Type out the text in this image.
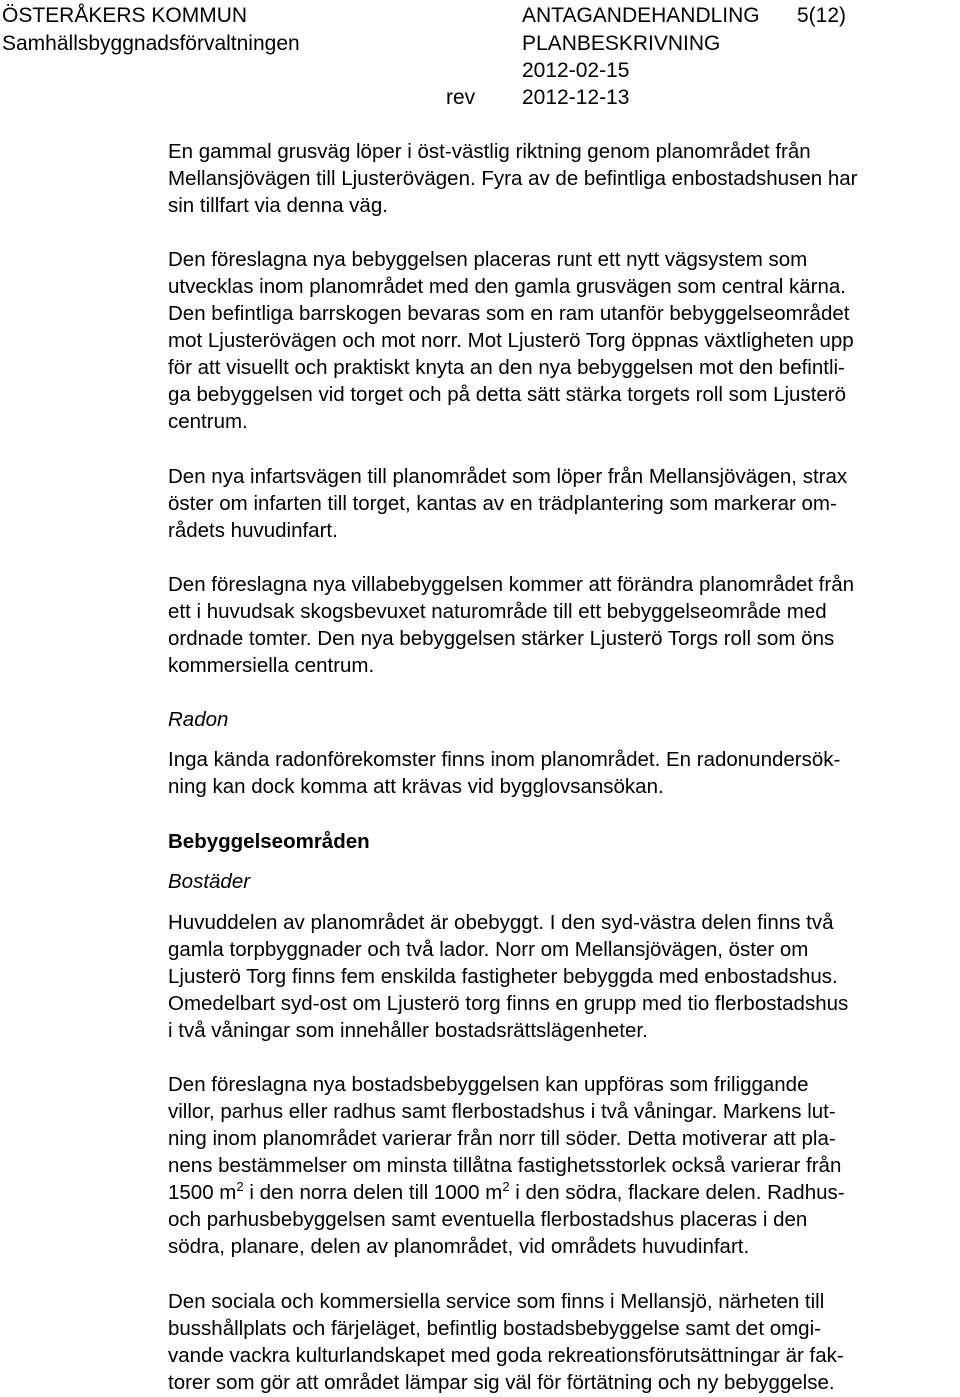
ÖSTERÅKERS KOMMUN
Samhällsbyggnadsförvaltningen
ANTAGANDEHANDLING 5(12)
PLANBESKRIVNING
2012-02-15
rev 2012-12-13

En gammal grusväg löper i öst-västlig riktning genom planområdet från
Mellansjövägen till Ljusterövägen. Fyra av de befintliga enbostadshusen har
sin tillfart via denna väg.

Den föreslagna nya bebyggelsen placeras runt ett nytt vägsystem som
utvecklas inom planområdet med den gamla grusvägen som central kärna.
Den befintliga barrskogen bevaras som en ram utanför bebyggelseområdet
mot Ljusterövägen och mot norr. Mot Ljusterö Torg öppnas växtligheten upp
för att visuellt och praktiskt knyta an den nya bebyggelsen mot den befintli-
ga bebyggelsen vid torget och på detta sätt stärka torgets roll som Ljusterö
centrum.

Den nya infartsvägen till planområdet som löper från Mellansjövägen, strax
öster om infarten till torget, kantas av en trädplantering som markerar om-
rådets huvudinfart.

Den föreslagna nya villabebyggelsen kommer att förändra planområdet från
ett i huvudsak skogsbevuxet naturområde till ett bebyggelseområde med
ordnade tomter. Den nya bebyggelsen stärker Ljusterö Torgs roll som öns
kommersiella centrum.

Radon

Inga kända radonförekomster finns inom planområdet. En radonundersök-
ning kan dock komma att krävas vid bygglovsansökan.

Bebyggelseområden

Bostäder

Huvuddelen av planområdet är obebyggt. I den syd-västra delen finns två
gamla torpbyggnader och två lador. Norr om Mellansjövägen, öster om
Ljusterö Torg finns fem enskilda fastigheter bebyggda med enbostadshus.
Omedelbart syd-ost om Ljusterö torg finns en grupp med tio flerbostadshus
i två våningar som innehåller bostadsrättslägenheter.

Den föreslagna nya bostadsbebyggelsen kan uppföras som friliggande
villor, parhus eller radhus samt flerbostadshus i två våningar. Markens lut-
ning inom planområdet varierar från norr till söder. Detta motiverar att pla-
nens bestämmelser om minsta tillåtna fastighetsstorlek också varierar från
1500 $m^2$ i den norra delen till 1000 $m^2$ i den södra, flackare delen. Radhus-
och parhusbebyggelsen samt eventuella flerbostadshus placeras i den
södra, planare, delen av planområdet, vid områdets huvudinfart.

Den sociala och kommersiella service som finns i Mellansjö, närheten till
busshållplats och färjeläget, befintlig bostadsbebyggelse samt det omgi-
vande vackra kulturlandskapet med goda rekreationsförutsättningar är fak-
torer som gör att området lämpar sig väl för förtätning och ny bebyggelse.
